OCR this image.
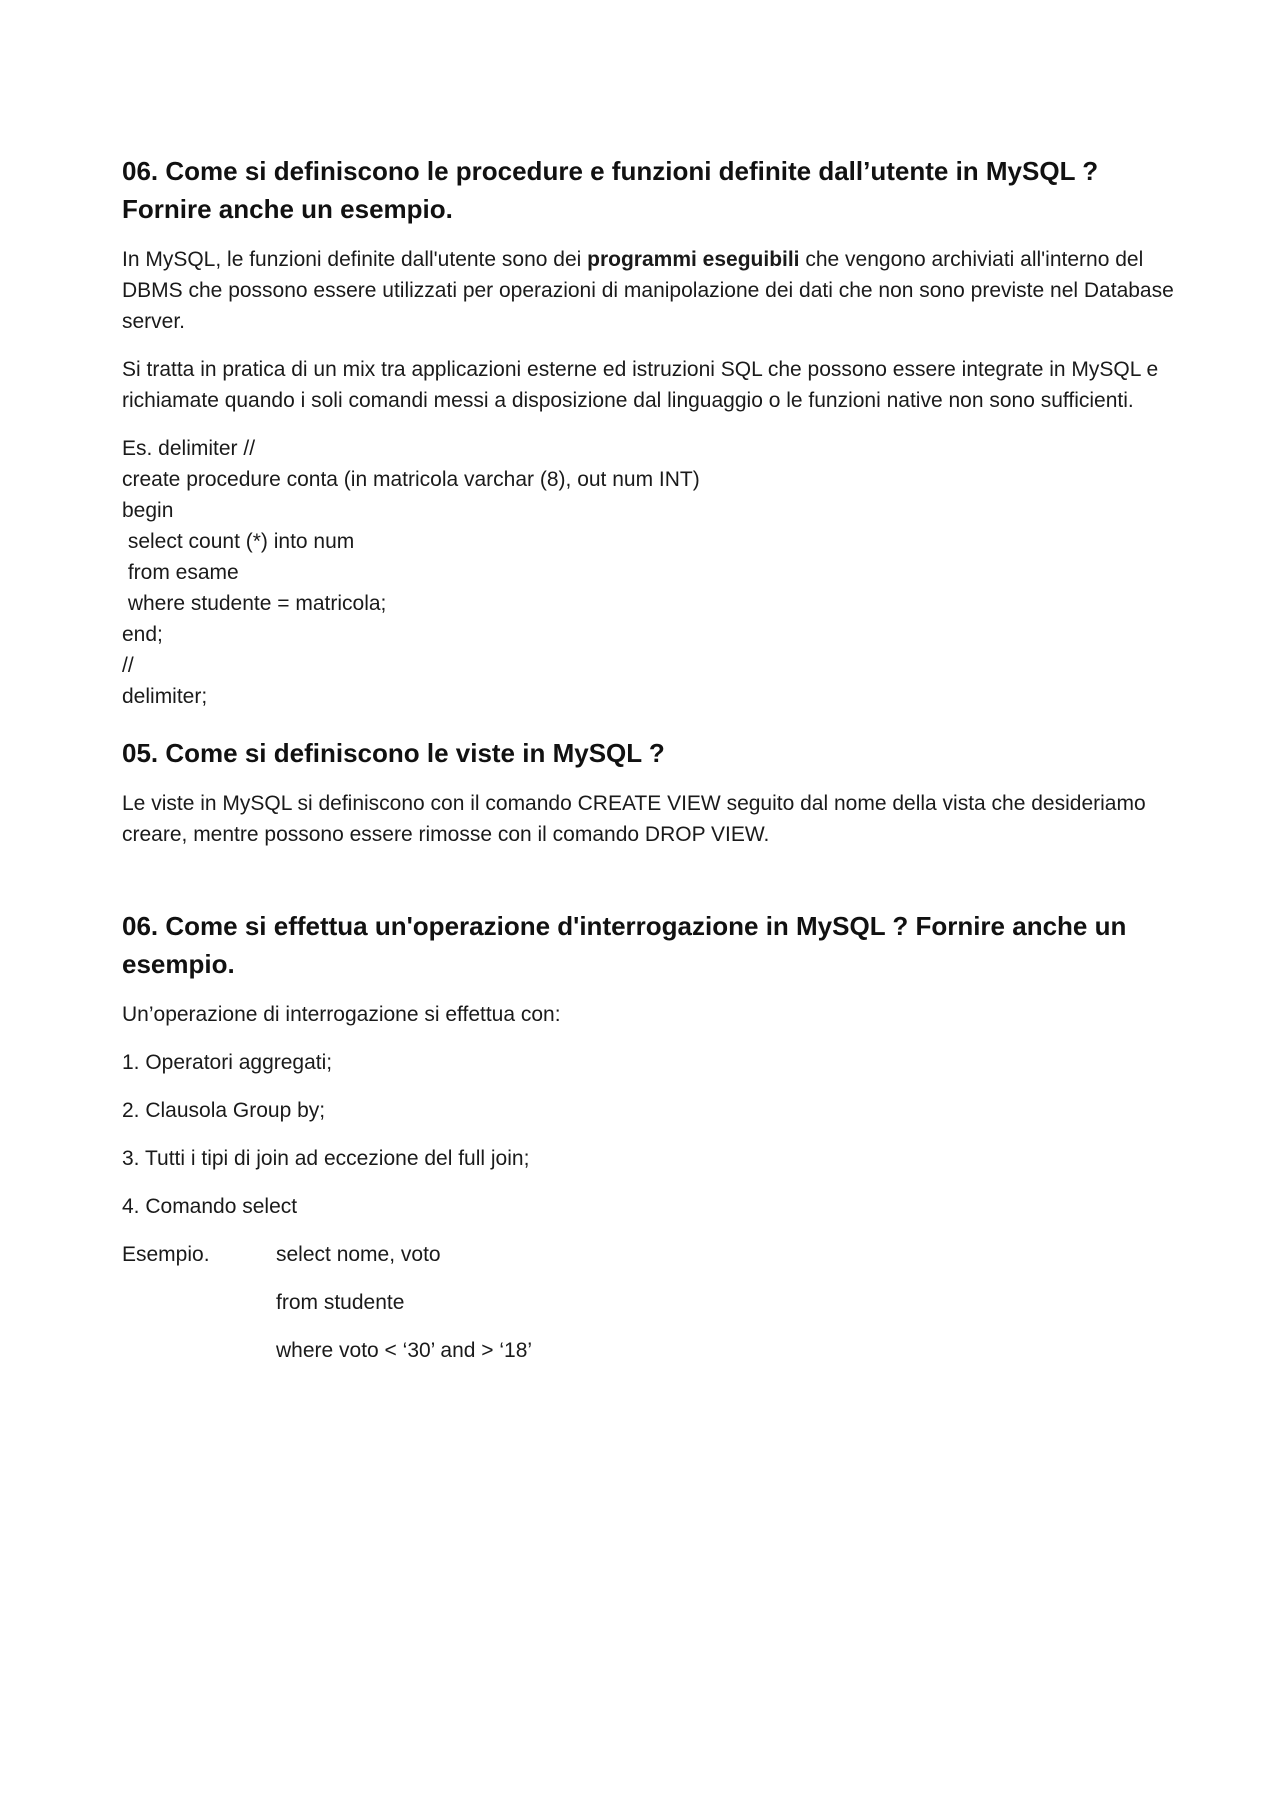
06. Come si definiscono le procedure e funzioni definite dall’utente in MySQL ? Fornire anche un esempio.

In MySQL, le funzioni definite dall'utente sono dei programmi eseguibili che vengono archiviati all'interno del DBMS che possono essere utilizzati per operazioni di manipolazione dei dati che non sono previste nel Database server.

Si tratta in pratica di un mix tra applicazioni esterne ed istruzioni SQL che possono essere integrate in MySQL e richiamate quando i soli comandi messi a disposizione dal linguaggio o le funzioni native non sono sufficienti.

Es. delimiter //
create procedure conta (in matricola varchar (8), out num INT)
begin
select count (*) into num
from esame
where studente = matricola;
end;
//
delimiter;
05. Come si definiscono le viste in MySQL ?

Le viste in MySQL si definiscono con il comando CREATE VIEW seguito dal nome della vista che desideriamo creare, mentre possono essere rimosse con il comando DROP VIEW.

06. Come si effettua un'operazione d'interrogazione in MySQL ? Fornire anche un esempio.

Un’operazione di interrogazione si effettua con:

1. Operatori aggregati;
2. Clausola Group by;
3. Tutti i tipi di join ad eccezione del full join;
4. Comando select
Esempio.	select nome, voto
from studente
where voto < ‘30’ and > ‘18’
